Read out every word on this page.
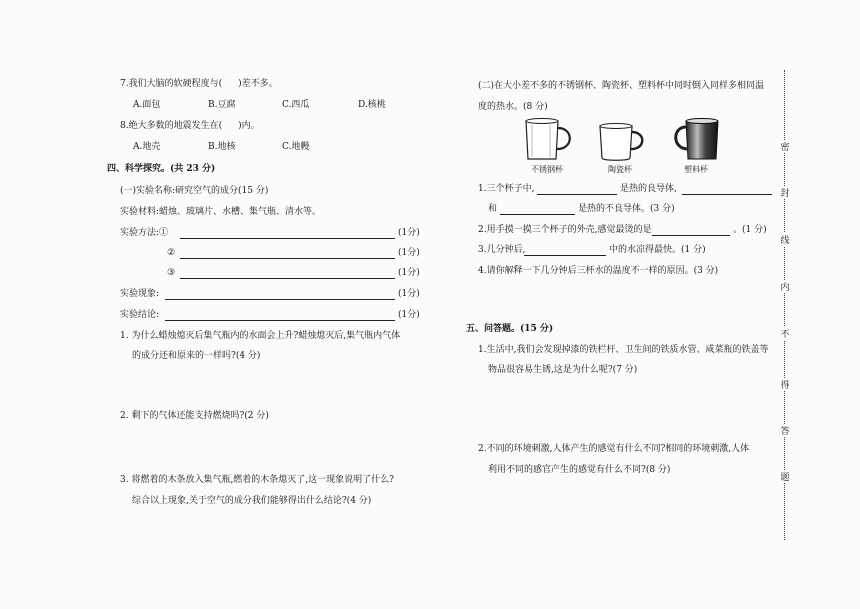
7.我们大脑的软硬程度与( )差不多。
A.面包	B.豆腐	C.西瓜	D.核桃
8.绝大多数的地震发生在( )内。
A.地壳	B.地核	C.地幔
四、科学探究。(共 23 分)
(一)实验名称:研究空气的成分(15 分)
实验材料:蜡烛、玻璃片、水槽、集气瓶、清水等。
实验方法:①	(1分)
②	(1分)
③	(1分)
实验现象:	(1分)
实验结论:	(1分)
1. 为什么蜡烛熄灭后集气瓶内的水面会上升?蜡烛熄灭后,集气瓶内气体
的成分还和原来的一样吗?(4 分)
2. 剩下的气体还能支持燃烧吗?(2 分)
3. 将燃着的木条放入集气瓶,燃着的木条熄灭了,这一现象说明了什么?
综合以上现象,关于空气的成分我们能够得出什么结论?(4 分)
(二)在大小差不多的不锈钢杯、陶瓷杯、塑料杯中同时倒入同样多相同温
度的热水。(8 分)
不锈钢杯	陶瓷杯	塑料杯
1.三个杯子中,	是热的良导体,
和	是热的不良导体。(3 分)
2.用手摸一摸三个杯子的外壳,感觉最烫的是	。(1 分)
3.几分钟后,	中的水凉得最快。(1 分)
4.请你解释一下几分钟后三杯水的温度不一样的原因。(3 分)
五、问答题。(15 分)
1.生活中,我们会发现掉漆的铁栏杆、卫生间的铁质水管、咸菜瓶的铁盖等
物品很容易生锈,这是为什么呢?(7 分)
2.不同的环境刺激,人体产生的感觉有什么不同?相同的环境刺激,人体
利用不同的感官产生的感觉有什么不同?(8 分)
密
封
线
内
不
得
答
题
